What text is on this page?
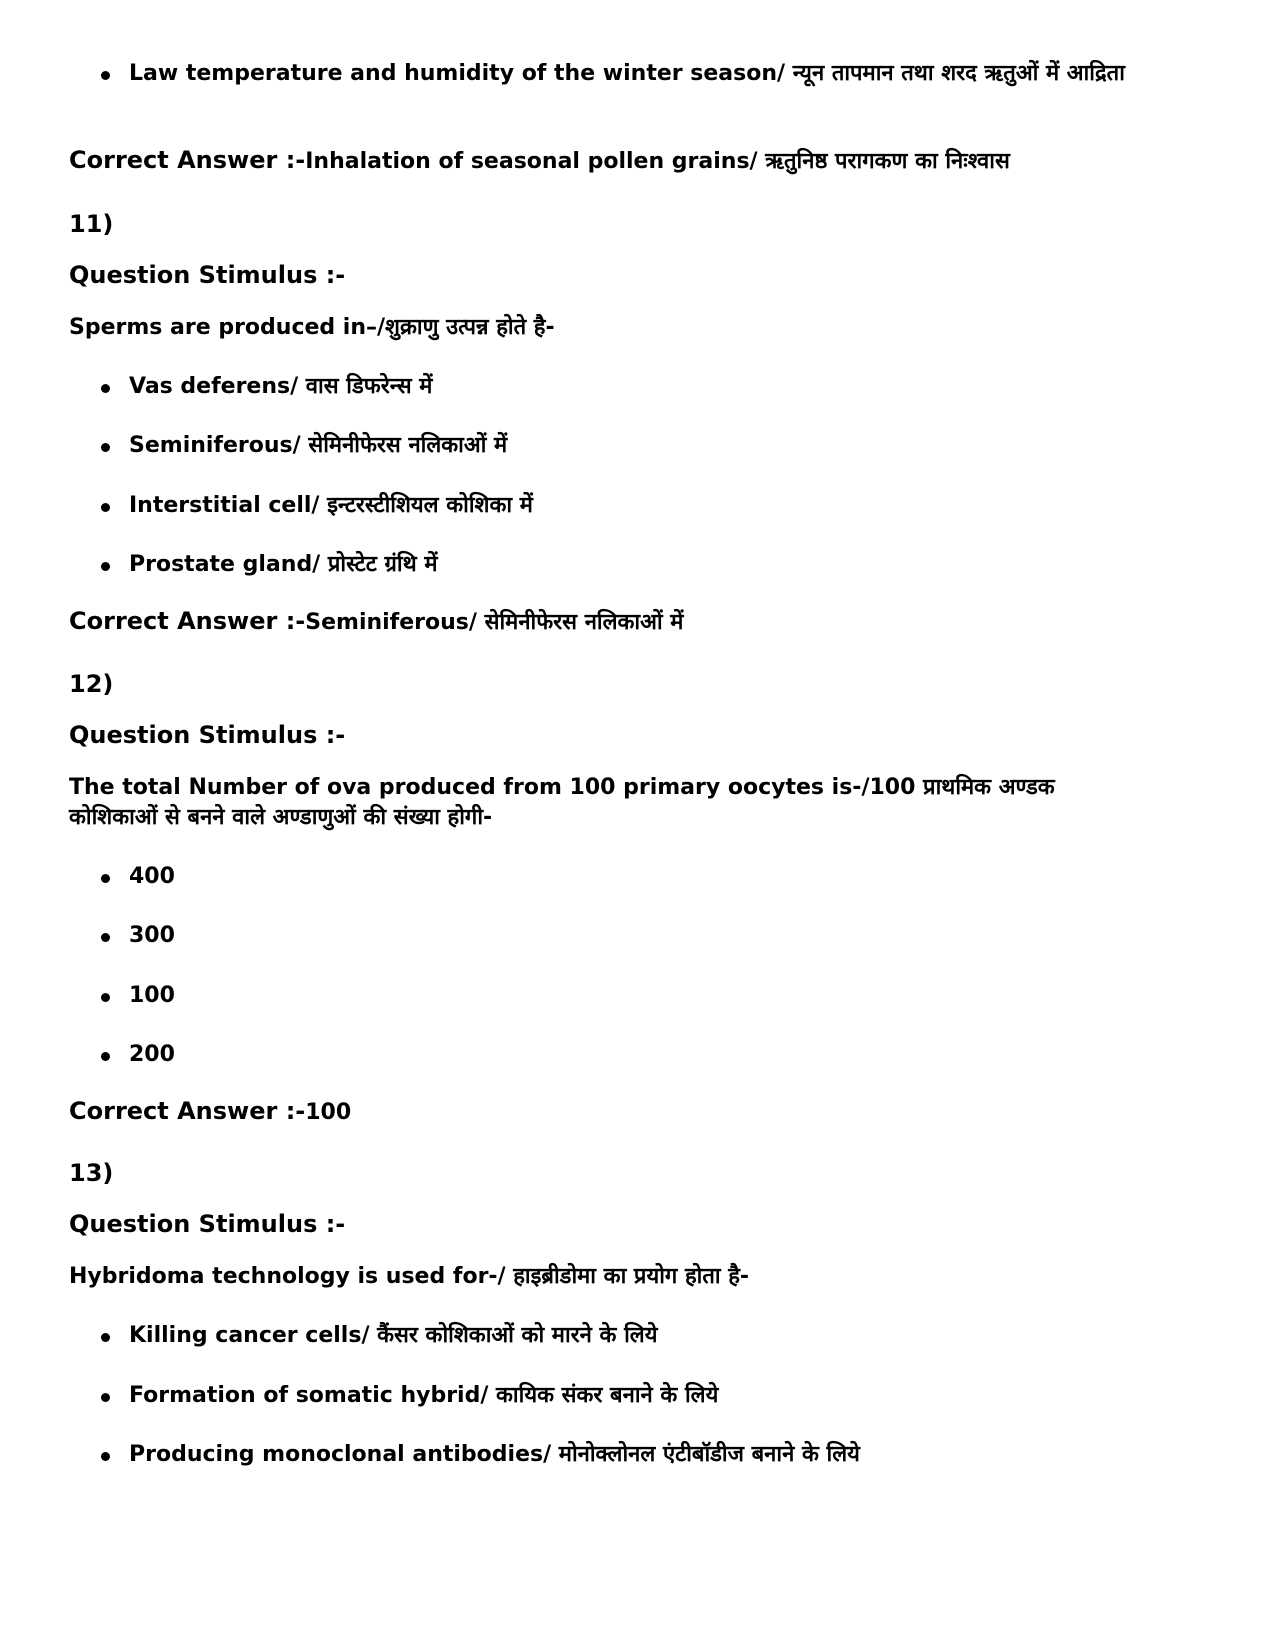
Law temperature and humidity of the winter season/ न्यून तापमान तथा शरद ऋतुओं में आद्रिता

Correct Answer :-Inhalation of seasonal pollen grains/ ऋतुनिष्ठ परागकण का निःश्वास

11)

Question Stimulus :-

Sperms are produced in–/शुक्राणु उत्पन्न होते है-

Vas deferens/ वास डिफरेन्स में

Seminiferous/ सेमिनीफेरस नलिकाओं में

Interstitial cell/ इन्टरस्टीशियल कोशिका में

Prostate gland/ प्रोस्टेट ग्रंथि में

Correct Answer :-Seminiferous/ सेमिनीफेरस नलिकाओं में

12)

Question Stimulus :-

The total Number of ova produced from 100 primary oocytes is-/100 प्राथमिक अण्डक कोशिकाओं से बनने वाले अण्डाणुओं की संख्या होगी-

400

300

100

200

Correct Answer :-100

13)

Question Stimulus :-

Hybridoma technology is used for-/ हाइब्रीडोमा का प्रयोग होता है-

Killing cancer cells/ कैंसर कोशिकाओं को मारने के लिये

Formation of somatic hybrid/ कायिक संकर बनाने के लिये

Producing monoclonal antibodies/ मोनोक्लोनल एंटीबॉडीज बनाने के लिये
